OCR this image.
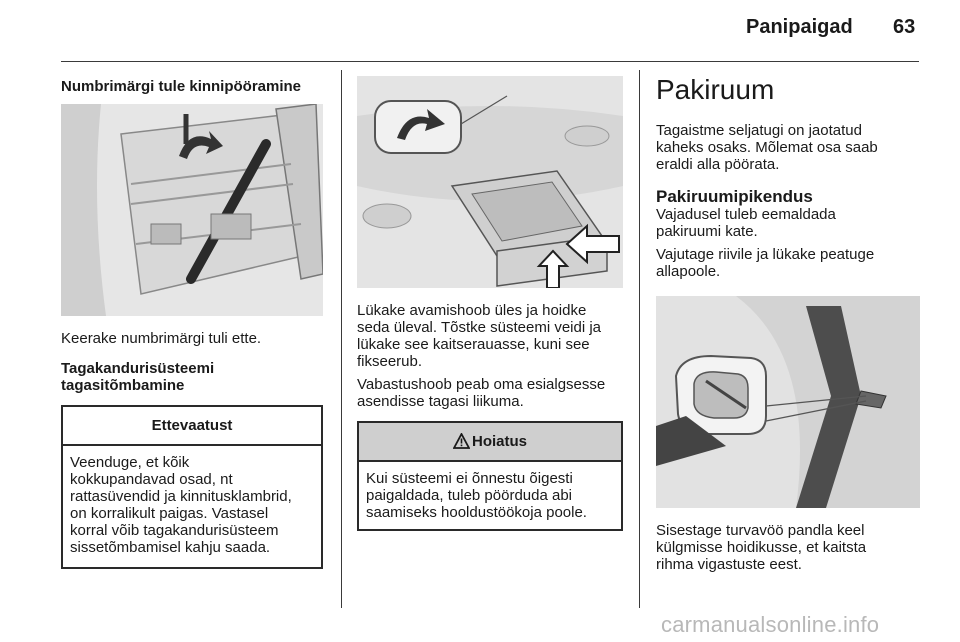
Panipaigad 63

Numbrimärgi tule kinnipööramine

Keerake numbrimärgi tuli ette.

Tagakandurisüsteemi

tagasitõmbamine

Ettevaatust
Veenduge, et kõik
kokkupandavad osad, nt
rattasüvendid ja kinnitusklambrid,
on korralikult paigas. Vastasel
korral võib tagakandurisüsteem
sissetõmbamisel kahju saada.

Lükake avamishoob üles ja hoidke
seda üleval. Tõstke süsteemi veidi ja
lükake see kaitserauasse, kuni see
fikseerub.

Vabastushoob peab oma esialgsesse
asendisse tagasi liikuma.

Hoiatus
Kui süsteemi ei õnnestu õigesti
paigaldada, tuleb pöörduda abi
saamiseks hooldustöökoja poole.

Pakiruum

Tagaistme seljatugi on jaotatud
kaheks osaks. Mõlemat osa saab
eraldi alla pöörata.

Pakiruumipikendus

Vajadusel tuleb eemaldada
pakiruumi kate.

Vajutage riivile ja lükake peatuge
allapoole.

Sisestage turvavöö pandla keel
külgmisse hoidikusse, et kaitsta
rihma vigastuste eest.

carmanualsonline.info
